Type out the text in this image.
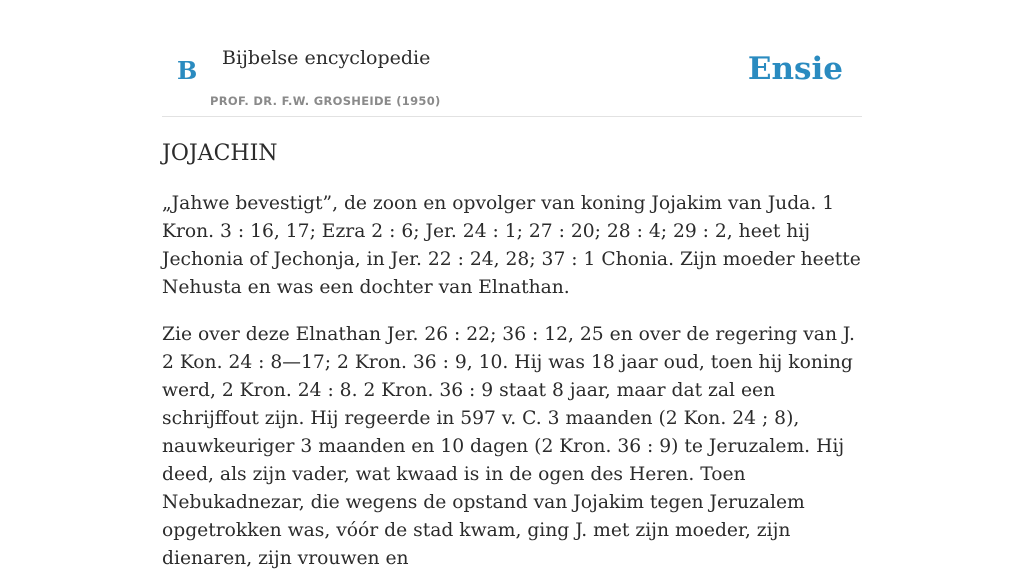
B Bijbelse encyclopedie
PROF. DR. F.W. GROSHEIDE (1950)
Ensie
JOJACHIN

„Jahwe bevestigt”, de zoon en opvolger van koning Jojakim van Juda. 1 Kron. 3 : 16, 17; Ezra 2 : 6; Jer. 24 : 1; 27 : 20; 28 : 4; 29 : 2, heet hij Jechonia of Jechonja, in Jer. 22 : 24, 28; 37 : 1 Chonia. Zijn moeder heette Nehusta en was een dochter van Elnathan.

Zie over deze Elnathan Jer. 26 : 22; 36 : 12, 25 en over de regering van J. 2 Kon. 24 : 8—17; 2 Kron. 36 : 9, 10. Hij was 18 jaar oud, toen hij koning werd, 2 Kron. 24 : 8. 2 Kron. 36 : 9 staat 8 jaar, maar dat zal een schrijffout zijn. Hij regeerde in 597 v. C. 3 maanden (2 Kon. 24 ; 8), nauwkeuriger 3 maanden en 10 dagen (2 Kron. 36 : 9) te Jeruzalem. Hij deed, als zijn vader, wat kwaad is in de ogen des Heren. Toen Nebukadnezar, die wegens de opstand van Jojakim tegen Jeruzalem opgetrokken was, vóór de stad kwam, ging J. met zijn moeder, zijn dienaren, zijn vrouwen en
